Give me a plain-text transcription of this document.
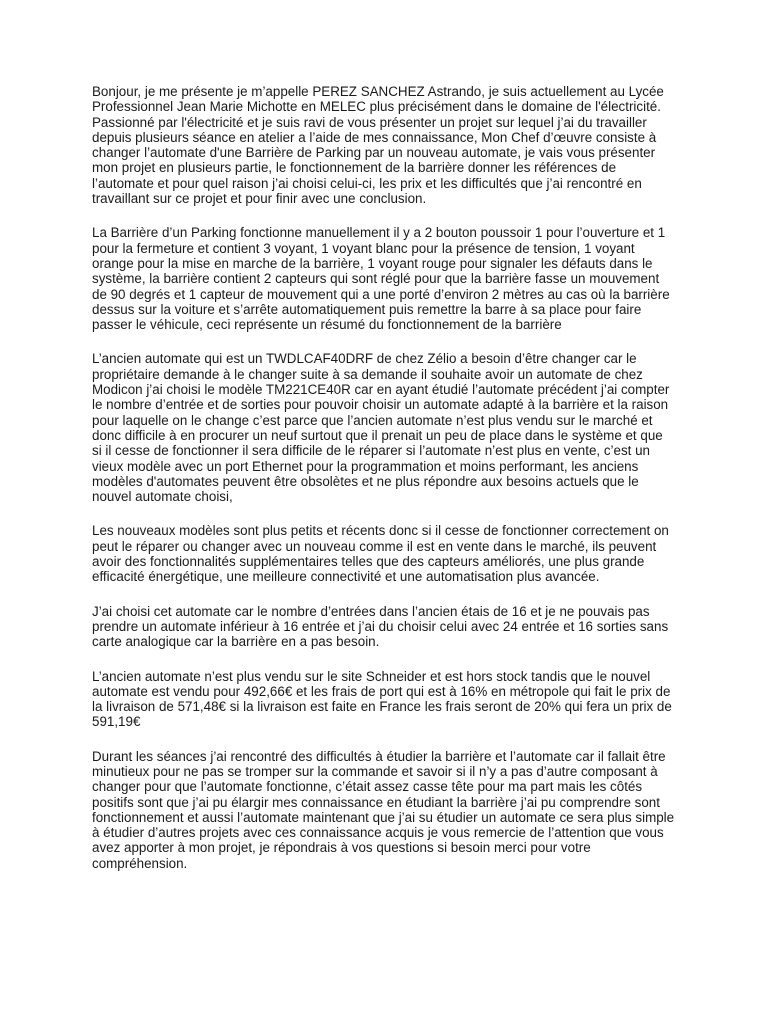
Bonjour, je me présente je m’appelle PEREZ SANCHEZ Astrando, je suis actuellement au Lycée Professionnel Jean Marie Michotte en MELEC plus précisément dans le domaine de l'électricité. Passionné par l'électricité et je suis ravi de vous présenter un projet sur lequel j’ai du travailler depuis plusieurs séance en atelier a l’aide de mes connaissance, Mon Chef d’œuvre consiste à changer l’automate d'une Barrière de Parking par un nouveau automate, je vais vous présenter mon projet en plusieurs partie, le fonctionnement de la barrière donner les références de l’automate et pour quel raison j’ai choisi celui-ci, les prix et les difficultés que j’ai rencontré en travaillant sur ce projet et pour finir avec une conclusion.

La Barrière d’un Parking fonctionne manuellement il y a 2 bouton poussoir 1 pour l’ouverture et 1 pour la fermeture et contient 3 voyant, 1 voyant blanc pour la présence de tension, 1 voyant orange pour la mise en marche de la barrière, 1 voyant rouge pour signaler les défauts dans le système, la barrière contient 2 capteurs qui sont réglé pour que la barrière fasse un mouvement de 90 degrés et 1 capteur de mouvement qui a une porté d’environ 2 mètres au cas où la barrière dessus sur la voiture et s’arrête automatiquement puis remettre la barre à sa place pour faire passer le véhicule, ceci représente un résumé du fonctionnement de la barrière

L’ancien automate qui est un TWDLCAF40DRF de chez Zélio a besoin d’être changer car le propriétaire demande à le changer suite à sa demande il souhaite avoir un automate de chez Modicon j’ai choisi le modèle TM221CE40R car en ayant étudié l’automate précédent j’ai compter le nombre d’entrée et de sorties pour pouvoir choisir un automate adapté à la barrière et la raison pour laquelle on le change c’est parce que l’ancien automate n’est plus vendu sur le marché et donc difficile à en procurer un neuf surtout que il prenait un peu de place dans le système et que si il cesse de fonctionner il sera difficile de le réparer si l’automate n’est plus en vente, c’est un vieux modèle avec un port Ethernet pour la programmation et moins performant, les anciens modèles d'automates peuvent être obsolètes et ne plus répondre aux besoins actuels que le nouvel automate choisi,

Les nouveaux modèles sont plus petits et récents donc si il cesse de fonctionner correctement on peut le réparer ou changer avec un nouveau comme il est en vente dans le marché, ils peuvent avoir des fonctionnalités supplémentaires telles que des capteurs améliorés, une plus grande efficacité énergétique, une meilleure connectivité et une automatisation plus avancée.

J’ai choisi cet automate car le nombre d’entrées dans l’ancien étais de 16 et je ne pouvais pas prendre un automate inférieur à 16 entrée et j’ai du choisir celui avec 24 entrée et 16 sorties sans carte analogique car la barrière en a pas besoin.

L’ancien automate n’est plus vendu sur le site Schneider et est hors stock tandis que le nouvel automate est vendu pour 492,66€ et les frais de port qui est à 16% en métropole qui fait le prix de la livraison de 571,48€ si la livraison est faite en France les frais seront de 20% qui fera un prix de 591,19€

Durant les séances j’ai rencontré des difficultés à étudier la barrière et l’automate car il fallait être minutieux pour ne pas se tromper sur la commande et savoir si il n’y a pas d’autre composant à changer pour que l’automate fonctionne, c’était assez casse tête pour ma part mais les côtés positifs sont que j’ai pu élargir mes connaissance en étudiant la barrière j’ai pu comprendre sont fonctionnement et aussi l’automate maintenant que j’ai su étudier un automate ce sera plus simple à étudier d’autres projets avec ces connaissance acquis je vous remercie de l’attention que vous avez apporter à mon projet, je répondrais à vos questions si besoin merci pour votre compréhension.
